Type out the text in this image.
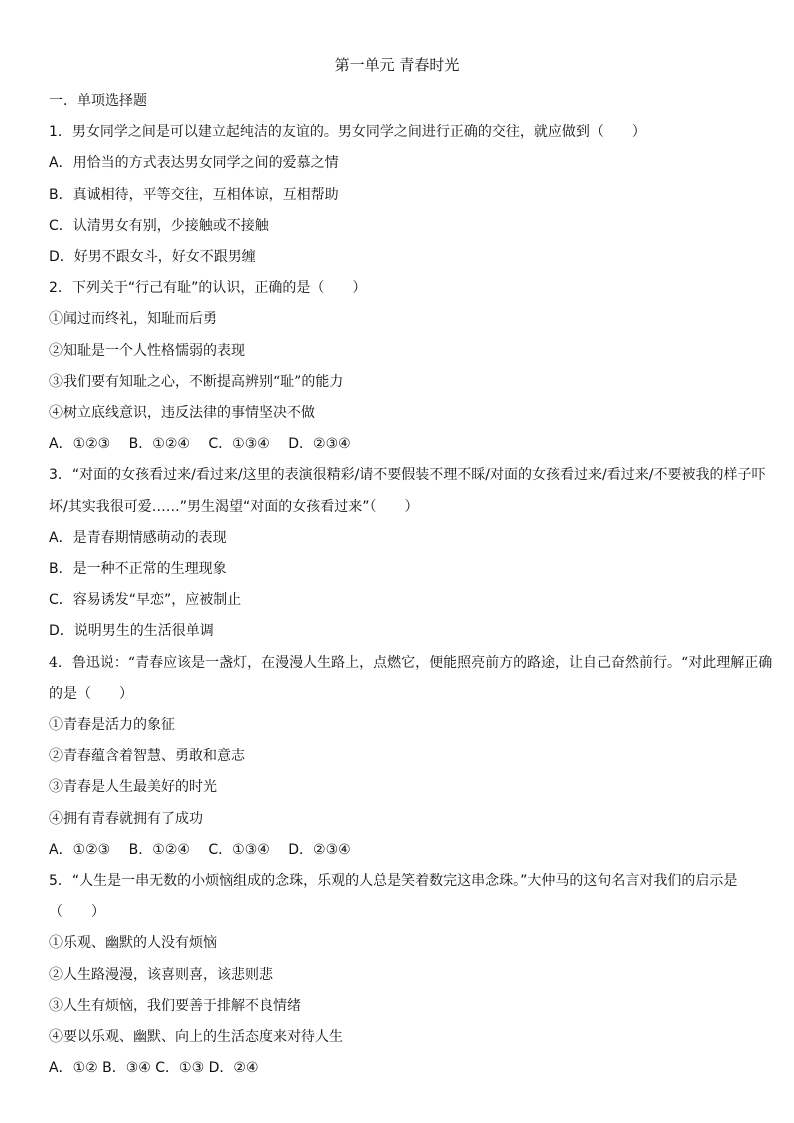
第一单元 青春时光
一．单项选择题
1．男女同学之间是可以建立起纯洁的友谊的。男女同学之间进行正确的交往，就应做到（　　）
A．用恰当的方式表达男女同学之间的爱慕之情
B．真诚相待，平等交往，互相体谅，互相帮助
C．认清男女有别，少接触或不接触
D．好男不跟女斗，好女不跟男缠
2．下列关于“行己有耻”的认识，正确的是（　　）
①闻过而终礼，知耻而后勇
②知耻是一个人性格懦弱的表现
③我们要有知耻之心，不断提高辨别“耻”的能力
④树立底线意识，违反法律的事情坚决不做
A．①②③　 B．①②④　 C．①③④　 D．②③④
3．“对面的女孩看过来/看过来/这里的表演很精彩/请不要假装不理不睬/对面的女孩看过来/看过来/不要被我的样子吓坏/其实我很可爱……”男生渴望“对面的女孩看过来”（　　）
A．是青春期情感萌动的表现
B．是一种不正常的生理现象
C．容易诱发“早恋”，应被制止
D．说明男生的生活很单调
4．鲁迅说：“青春应该是一盏灯，在漫漫人生路上，点燃它，便能照亮前方的路途，让自己奋然前行。“对此理解正确的是（　　）
①青春是活力的象征
②青春蕴含着智慧、勇敢和意志
③青春是人生最美好的时光
④拥有青春就拥有了成功
A．①②③　 B．①②④　 C．①③④　 D．②③④
5．“人生是一串无数的小烦恼组成的念珠，乐观的人总是笑着数完这串念珠。”大仲马的这句名言对我们的启示是（　　）
①乐观、幽默的人没有烦恼
②人生路漫漫，该喜则喜，该悲则悲
③人生有烦恼，我们要善于排解不良情绪
④要以乐观、幽默、向上的生活态度来对待人生
A．①② B．③④ C．①③ D．②④
